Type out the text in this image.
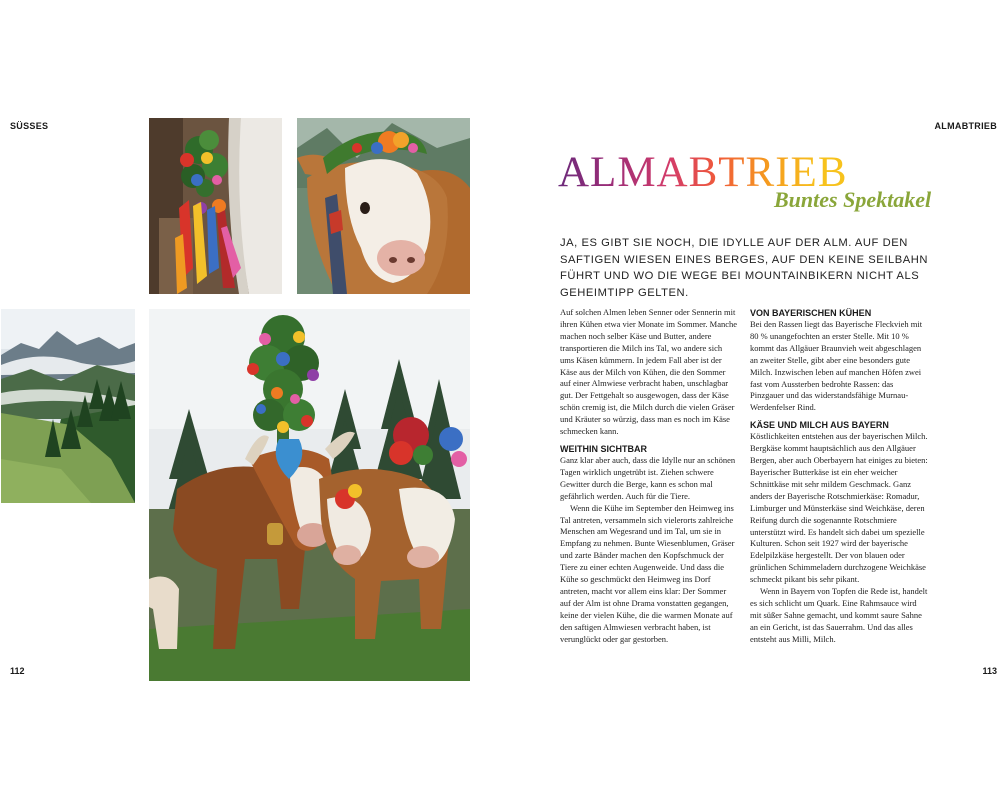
SÜSSES	ALMABTRIEB
112	113
ALMABTRIEB
Buntes Spektakel

JA, ES GIBT SIE NOCH, DIE IDYLLE AUF DER ALM. AUF DEN SAFTIGEN WIESEN EINES BERGES, AUF DEN KEINE SEILBAHN FÜHRT UND WO DIE WEGE BEI MOUNTAINBIKERN NICHT ALS GEHEIMTIPP GELTEN.

Auf solchen Almen leben Senner oder Sennerin mit ihren Kühen etwa vier Monate im Sommer. Manche machen noch selber Käse und Butter, andere transportieren die Milch ins Tal, wo andere sich ums Käsen kümmern. In jedem Fall aber ist der Käse aus der Milch von Kühen, die den Sommer auf einer Almwiese verbracht haben, unschlagbar gut. Der Fettgehalt so ausgewogen, dass der Käse schön cremig ist, die Milch durch die vielen Gräser und Kräuter so würzig, dass man es noch im Käse schmecken kann.

WEITHIN SICHTBAR

Ganz klar aber auch, dass die Idylle nur an schönen Tagen wirklich ungetrübt ist. Ziehen schwere Gewitter durch die Berge, kann es schon mal gefährlich werden. Auch für die Tiere.

Wenn die Kühe im September den Heimweg ins Tal antreten, versammeln sich vielerorts zahlreiche Menschen am Wegesrand und im Tal, um sie in Empfang zu nehmen. Bunte Wiesenblumen, Gräser und zarte Bänder machen den Kopfschmuck der Tiere zu einer echten Augenweide. Und dass die Kühe so geschmückt den Heimweg ins Dorf antreten, macht vor allem eins klar: Der Sommer auf der Alm ist ohne Drama vonstatten gegangen, keine der vielen Kühe, die die warmen Monate auf den saftigen Almwiesen verbracht haben, ist verunglückt oder gar gestorben.

VON BAYERISCHEN KÜHEN

Bei den Rassen liegt das Bayerische Fleckvieh mit 80 % unangefochten an erster Stelle. Mit 10 % kommt das Allgäuer Braunvieh weit abgeschlagen an zweiter Stelle, gibt aber eine besonders gute Milch. Inzwischen leben auf manchen Höfen zwei fast vom Aussterben bedrohte Rassen: das Pinzgauer und das widerstandsfähige Murnau-Werdenfelser Rind.

KÄSE UND MILCH AUS BAYERN

Köstlichkeiten entstehen aus der bayerischen Milch. Bergkäse kommt hauptsächlich aus den Allgäuer Bergen, aber auch Oberbayern hat einiges zu bieten: Bayerischer Butterkäse ist ein eher weicher Schnittkäse mit sehr mildem Geschmack. Ganz anders der Bayerische Rotschmierkäse: Romadur, Limburger und Münsterkäse sind Weichkäse, deren Reifung durch die sogenannte Rotschmiere unterstützt wird. Es handelt sich dabei um spezielle Kulturen. Schon seit 1927 wird der bayerische Edelpilzkäse hergestellt. Der von blauen oder grünlichen Schimmeladern durchzogene Weichkäse schmeckt pikant bis sehr pikant.

Wenn in Bayern von Topfen die Rede ist, handelt es sich schlicht um Quark. Eine Rahmsauce wird mit süßer Sahne gemacht, und kommt saure Sahne an ein Gericht, ist das Sauerrahm. Und das alles entsteht aus Milli, Milch.
